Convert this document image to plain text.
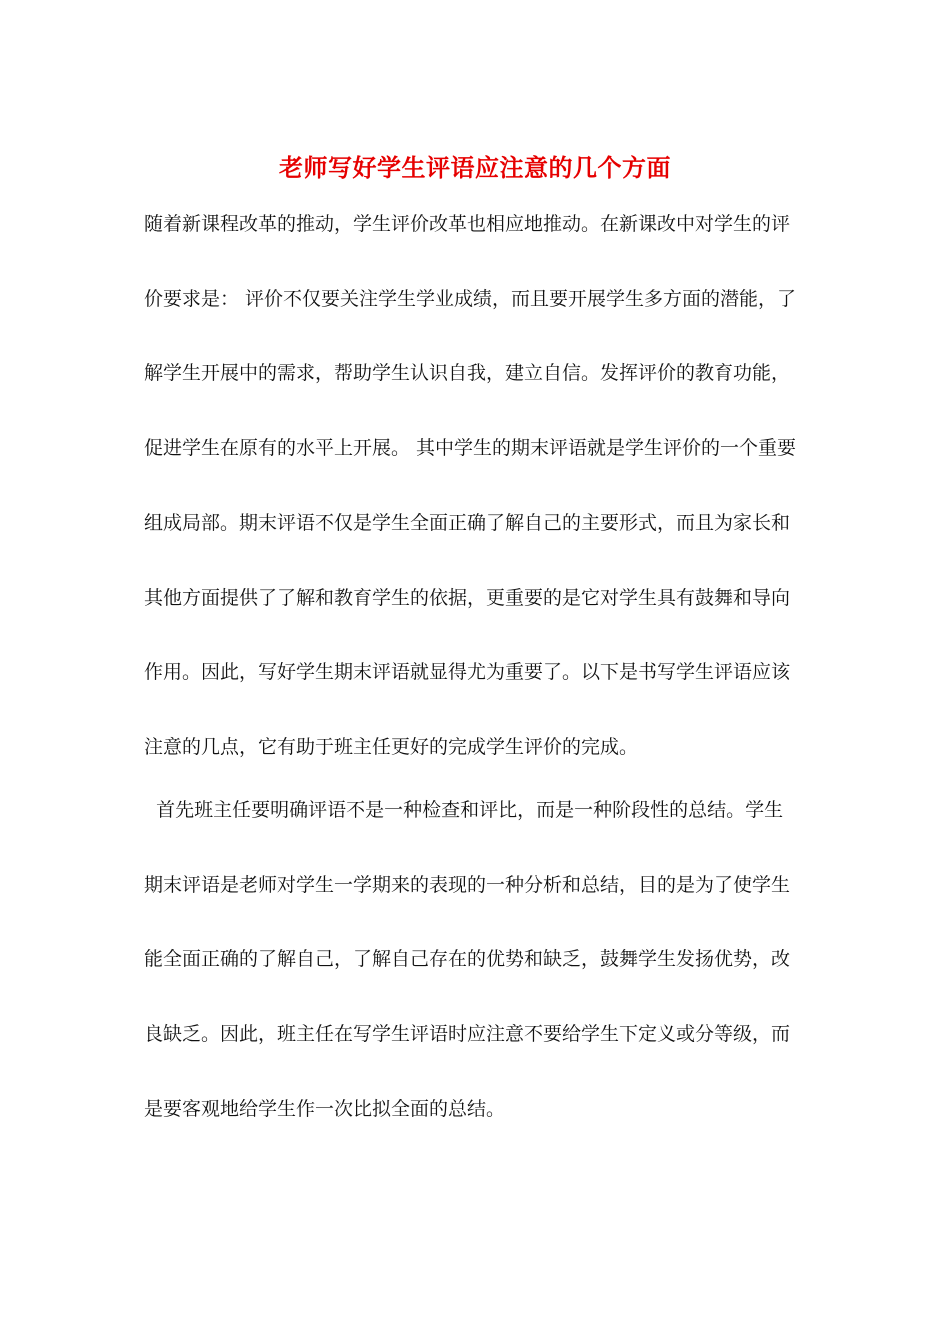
老师写好学生评语应注意的几个方面
随着新课程改革的推动，学生评价改革也相应地推动。在新课改中对学生的评
价要求是： 评价不仅要关注学生学业成绩，而且要开展学生多方面的潜能，了
解学生开展中的需求，帮助学生认识自我，建立自信。发挥评价的教育功能，
促进学生在原有的水平上开展。 其中学生的期末评语就是学生评价的一个重要
组成局部。期末评语不仅是学生全面正确了解自己的主要形式，而且为家长和
其他方面提供了了解和教育学生的依据，更重要的是它对学生具有鼓舞和导向
作用。因此，写好学生期末评语就显得尤为重要了。以下是书写学生评语应该
注意的几点，它有助于班主任更好的完成学生评价的完成。
首先班主任要明确评语不是一种检查和评比，而是一种阶段性的总结。学生
期末评语是老师对学生一学期来的表现的一种分析和总结，目的是为了使学生
能全面正确的了解自己，了解自己存在的优势和缺乏，鼓舞学生发扬优势，改
良缺乏。因此，班主任在写学生评语时应注意不要给学生下定义或分等级，而
是要客观地给学生作一次比拟全面的总结。
